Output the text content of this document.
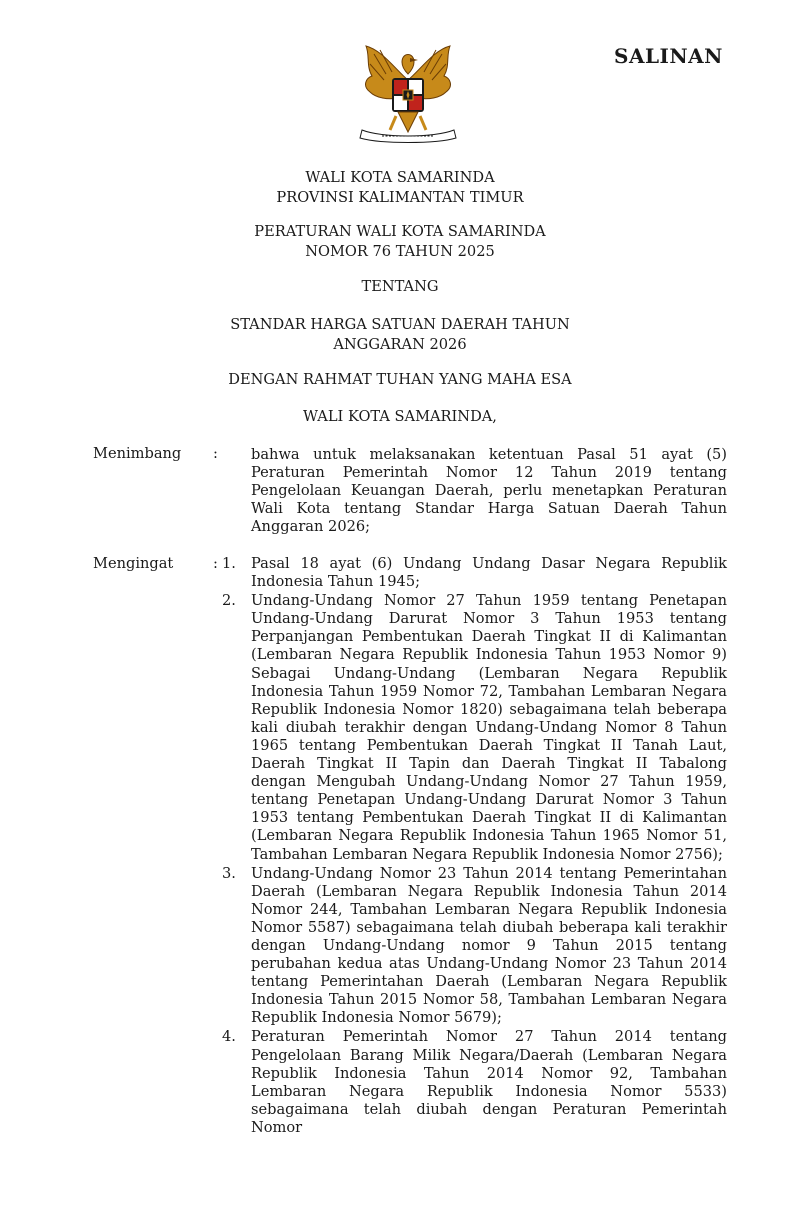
SALINAN
WALI KOTA SAMARINDA
PROVINSI KALIMANTAN TIMUR
PERATURAN WALI KOTA SAMARINDA
NOMOR 76 TAHUN 2025
TENTANG
STANDAR HARGA SATUAN DAERAH TAHUN
ANGGARAN 2026
DENGAN RAHMAT TUHAN YANG MAHA ESA
WALI KOTA SAMARINDA,
Menimbang : bahwa untuk melaksanakan ketentuan Pasal 51 ayat (5) Peraturan Pemerintah Nomor 12 Tahun 2019 tentang Pengelolaan Keuangan Daerah, perlu menetapkan Peraturan Wali Kota tentang Standar Harga Satuan Daerah Tahun Anggaran 2026;

Mengingat	: 1.	Pasal 18 ayat (6) Undang Undang Dasar Negara Republik Indonesia Tahun 1945;
2.	Undang-Undang Nomor 27 Tahun 1959 tentang Penetapan Undang-Undang Darurat Nomor 3 Tahun 1953 tentang Perpanjangan Pembentukan Daerah Tingkat II di Kalimantan (Lembaran Negara Republik Indonesia Tahun 1953 Nomor 9) Sebagai Undang-Undang (Lembaran Negara Republik Indonesia Tahun 1959 Nomor 72, Tambahan Lembaran Negara Republik Indonesia Nomor 1820) sebagaimana telah beberapa kali diubah terakhir dengan Undang-Undang Nomor 8 Tahun 1965 tentang Pembentukan Daerah Tingkat II Tanah Laut, Daerah Tingkat II Tapin dan Daerah Tingkat II Tabalong dengan Mengubah Undang-Undang Nomor 27 Tahun 1959, tentang Penetapan Undang-Undang Darurat Nomor 3 Tahun 1953 tentang Pembentukan Daerah Tingkat II di Kalimantan (Lembaran Negara Republik Indonesia Tahun 1965 Nomor 51, Tambahan Lembaran Negara Republik Indonesia Nomor 2756);
3.	Undang-Undang Nomor 23 Tahun 2014 tentang Pemerintahan Daerah (Lembaran Negara Republik Indonesia Tahun 2014 Nomor 244, Tambahan Lembaran Negara Republik Indonesia Nomor 5587) sebagaimana telah diubah beberapa kali terakhir dengan Undang-Undang nomor 9 Tahun 2015 tentang perubahan kedua atas Undang-Undang Nomor 23 Tahun 2014 tentang Pemerintahan Daerah (Lembaran Negara Republik Indonesia Tahun 2015 Nomor 58, Tambahan Lembaran Negara Republik Indonesia Nomor 5679);
4.	Peraturan Pemerintah Nomor 27 Tahun 2014 tentang Pengelolaan Barang Milik Negara/Daerah (Lembaran Negara Republik Indonesia Tahun 2014 Nomor 92, Tambahan Lembaran Negara Republik Indonesia Nomor 5533) sebagaimana telah diubah dengan Peraturan Pemerintah Nomor
